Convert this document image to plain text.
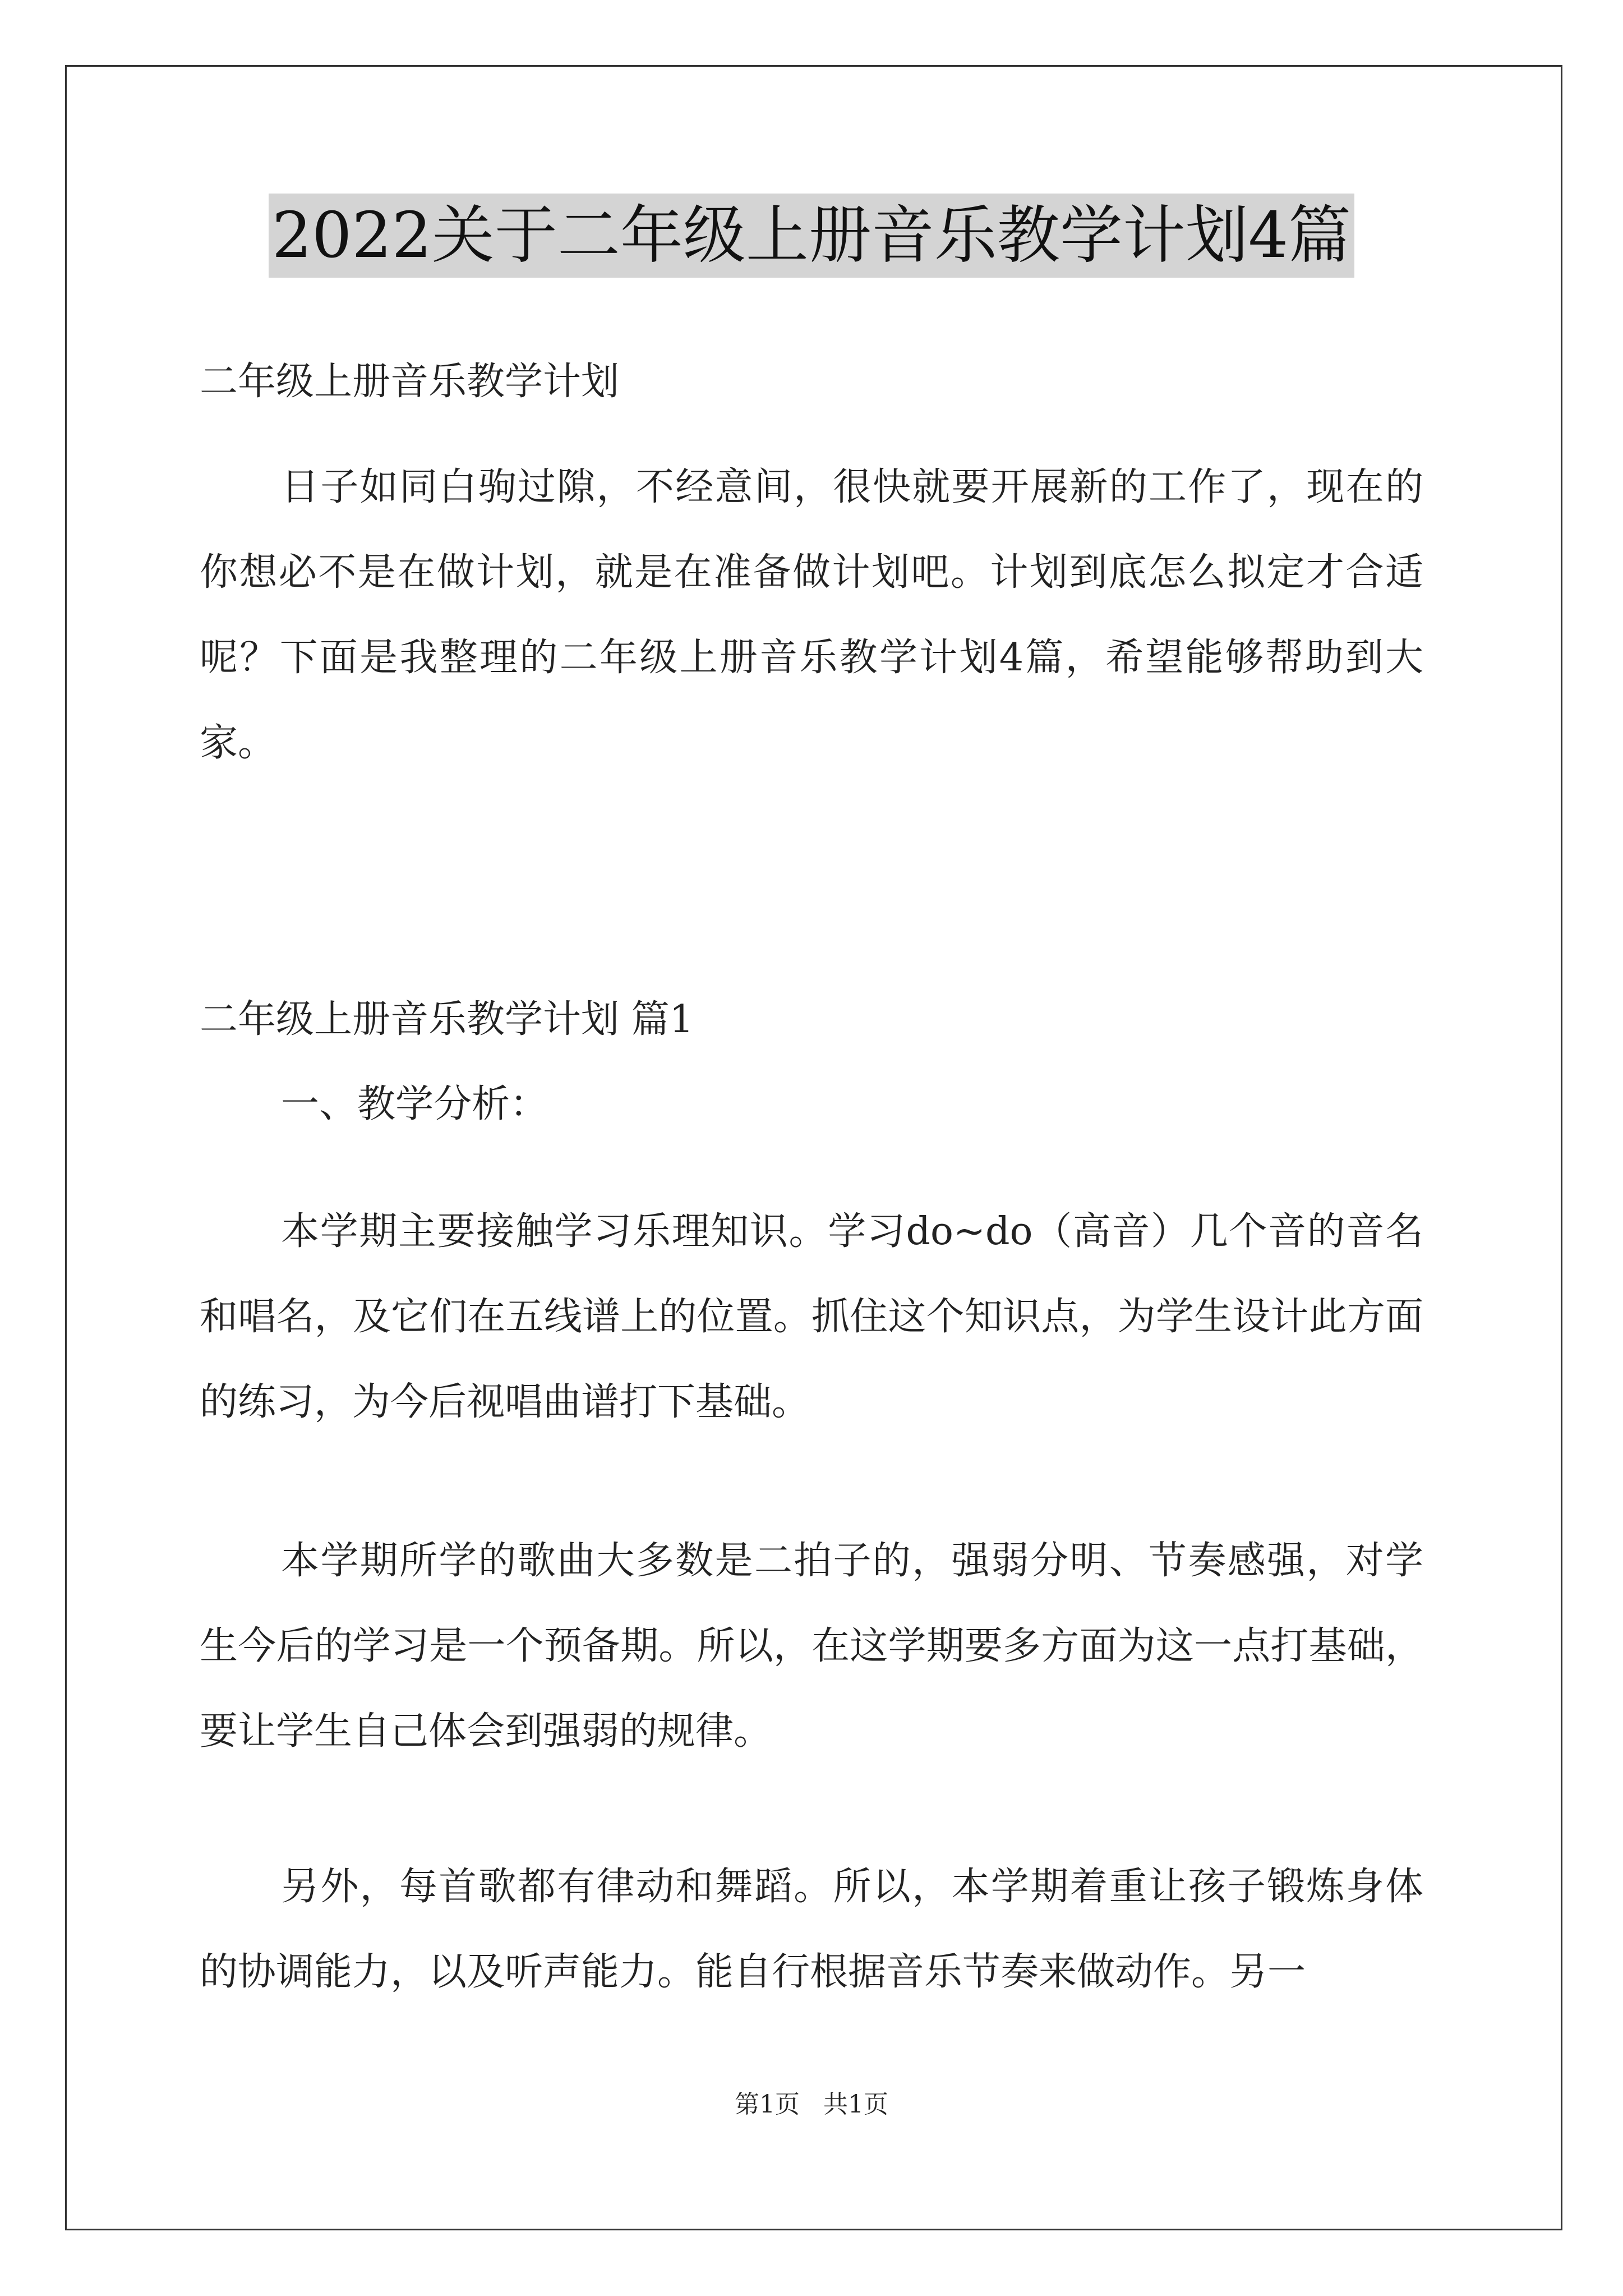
2022关于二年级上册音乐教学计划4篇
二年级上册音乐教学计划

日子如同白驹过隙，不经意间，很快就要开展新的工作了，现在的你想必不是在做计划，就是在准备做计划吧。计划到底怎么拟定才合适呢？下面是我整理的二年级上册音乐教学计划4篇，希望能够帮助到大家。

二年级上册音乐教学计划 篇1
一、教学分析：

本学期主要接触学习乐理知识。学习do~do（高音）几个音的音名和唱名，及它们在五线谱上的位置。抓住这个知识点，为学生设计此方面的练习，为今后视唱曲谱打下基础。

本学期所学的歌曲大多数是二拍子的，强弱分明、节奏感强，对学生今后的学习是一个预备期。所以，在这学期要多方面为这一点打基础，要让学生自己体会到强弱的规律。

另外，每首歌都有律动和舞蹈。所以，本学期着重让孩子锻炼身体的协调能力，以及听声能力。能自行根据音乐节奏来做动作。另一

第1页   共1页
